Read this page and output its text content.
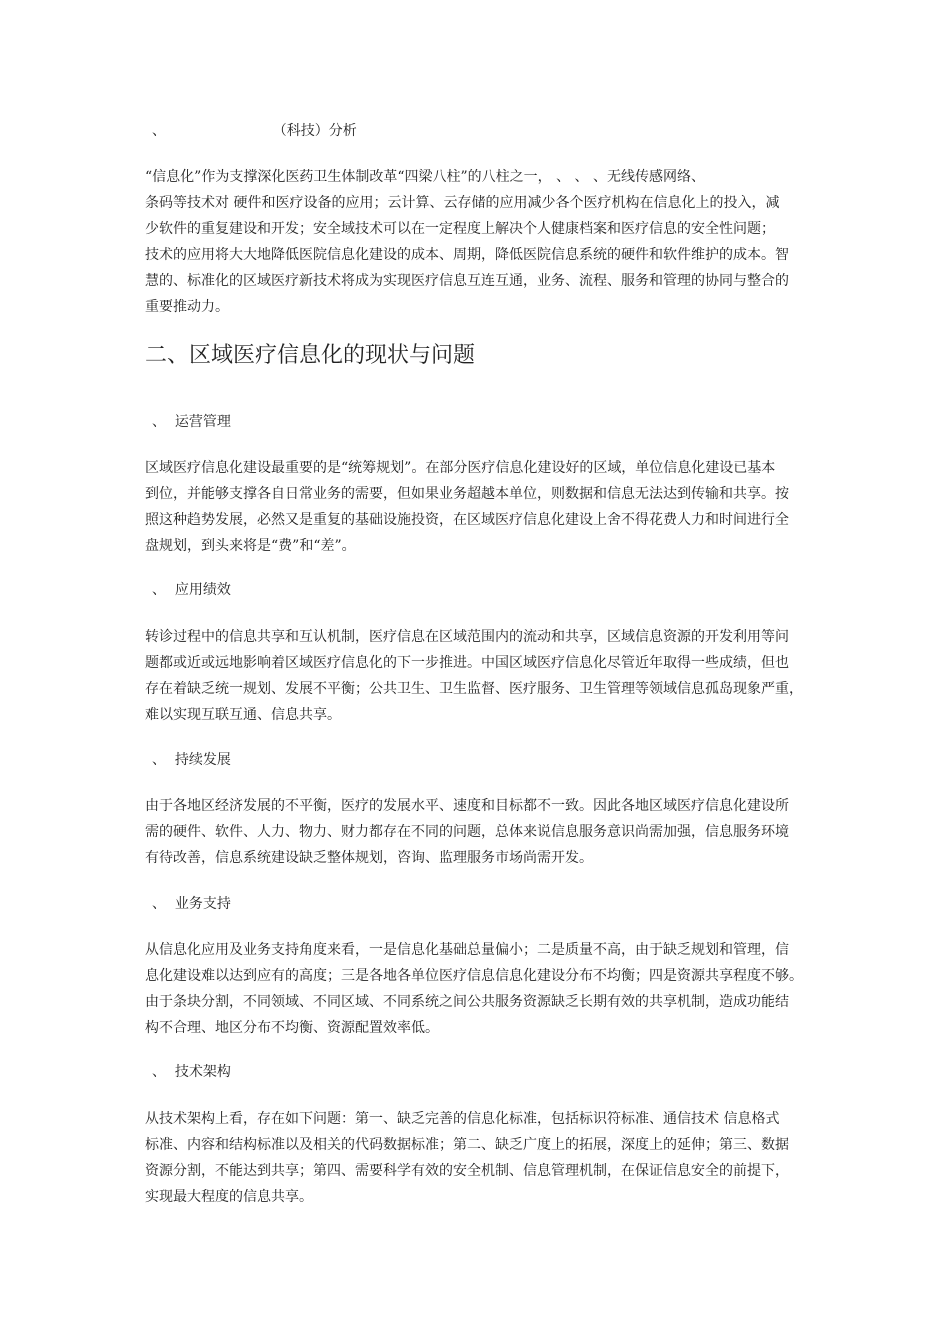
、                        （科技）分析
“信息化”作为支撑深化医药卫生体制改革“四梁八柱”的八柱之一， 、 、 、无线传感网络、
条码等技术对 硬件和医疗设备的应用；云计算、云存储的应用减少各个医疗机构在信息化上的投入，减
少软件的重复建设和开发；安全域技术可以在一定程度上解决个人健康档案和医疗信息的安全性问题；
技术的应用将大大地降低医院信息化建设的成本、周期，降低医院信息系统的硬件和软件维护的成本。智
慧的、标准化的区域医疗新技术将成为实现医疗信息互连互通，业务、流程、服务和管理的协同与整合的
重要推动力。
二、区域医疗信息化的现状与问题
、  运营管理
区域医疗信息化建设最重要的是“统筹规划”。在部分医疗信息化建设好的区域，单位信息化建设已基本
到位，并能够支撑各自日常业务的需要，但如果业务超越本单位，则数据和信息无法达到传输和共享。按
照这种趋势发展，必然又是重复的基础设施投资，在区域医疗信息化建设上舍不得花费人力和时间进行全
盘规划，到头来将是“费”和“差”。
、  应用绩效
转诊过程中的信息共享和互认机制，医疗信息在区域范围内的流动和共享，区域信息资源的开发利用等问
题都或近或远地影响着区域医疗信息化的下一步推进。中国区域医疗信息化尽管近年取得一些成绩，但也
存在着缺乏统一规划、发展不平衡；公共卫生、卫生监督、医疗服务、卫生管理等领域信息孤岛现象严重，
难以实现互联互通、信息共享。
、  持续发展
由于各地区经济发展的不平衡，医疗的发展水平、速度和目标都不一致。因此各地区域医疗信息化建设所
需的硬件、软件、人力、物力、财力都存在不同的问题，总体来说信息服务意识尚需加强，信息服务环境
有待改善，信息系统建设缺乏整体规划，咨询、监理服务市场尚需开发。
、  业务支持
从信息化应用及业务支持角度来看，一是信息化基础总量偏小；二是质量不高，由于缺乏规划和管理，信
息化建设难以达到应有的高度；三是各地各单位医疗信息信息化建设分布不均衡；四是资源共享程度不够。
由于条块分割，不同领域、不同区域、不同系统之间公共服务资源缺乏长期有效的共享机制，造成功能结
构不合理、地区分布不均衡、资源配置效率低。
、  技术架构
从技术架构上看，存在如下问题：第一、缺乏完善的信息化标准，包括标识符标准、通信技术 信息格式
标准、内容和结构标准以及相关的代码数据标准；第二、缺乏广度上的拓展，深度上的延伸；第三、数据
资源分割，不能达到共享；第四、需要科学有效的安全机制、信息管理机制，在保证信息安全的前提下，
实现最大程度的信息共享。
